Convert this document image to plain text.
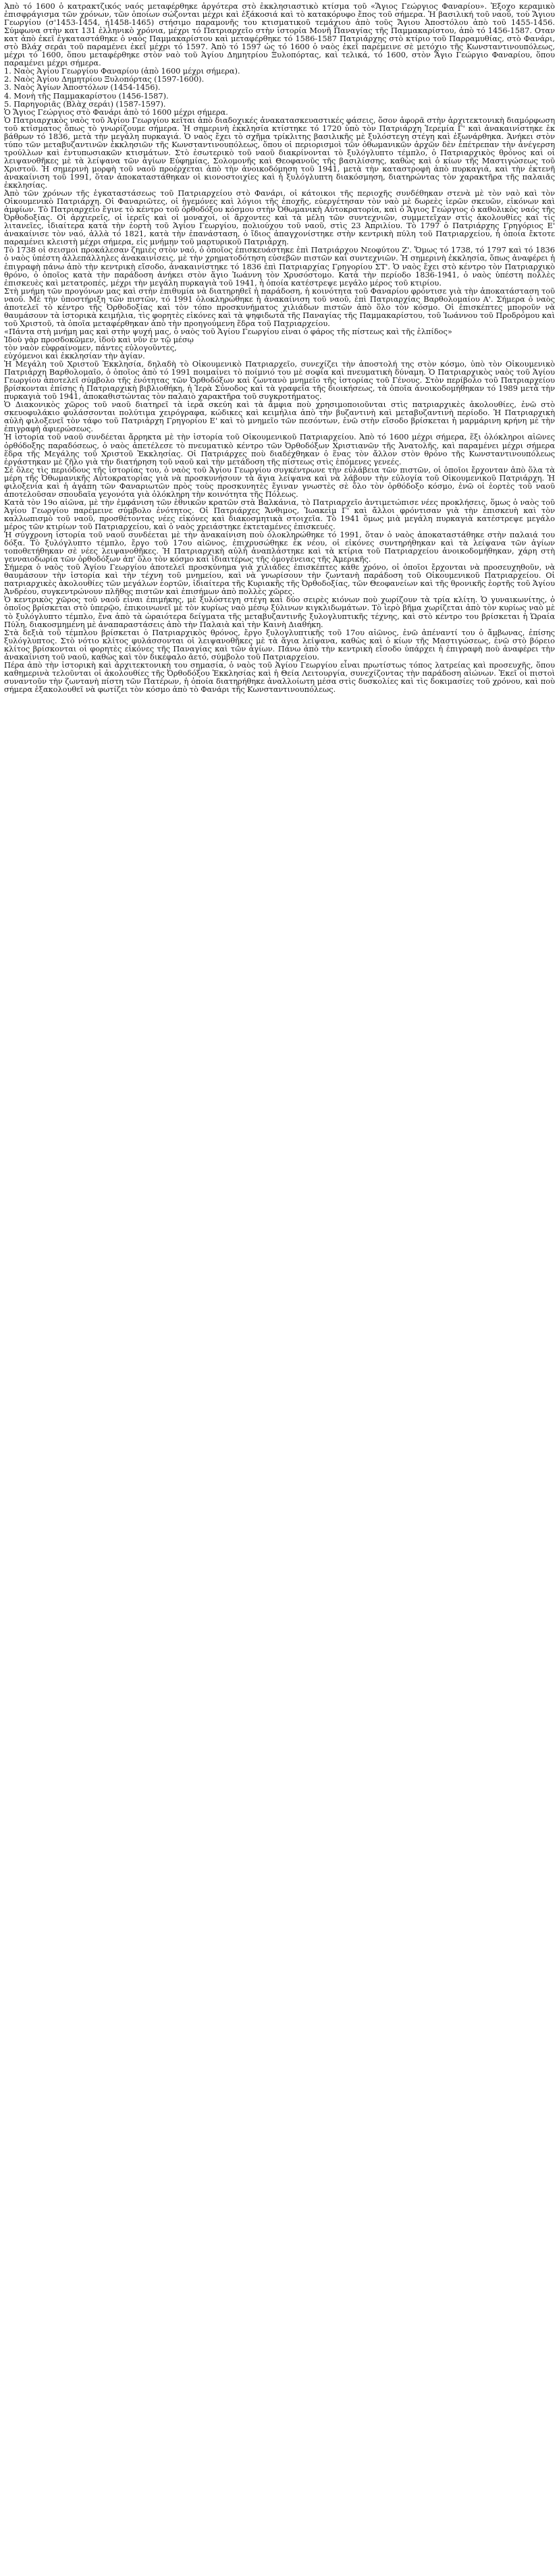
Ἀπὸ τό 1600 ὁ κατρακτζικός ναός μεταφέρθηκε ἀργότερα στὸ ἐκκλησιαστικὸ κτίσμα τοῦ «Ἅγιος Γεώργιος Φαναρίου». Ἐξοχο κεραμικὸ ἐπισφράγισμα τῶν χρόνων, τῶν ὁποίων σώζονται μέχρι καὶ ἑξάκοσιά καὶ τὸ κατακόρυφο ἔπος τοῦ σήμερα. Ἡ βασιλική τοῦ ναοῦ, τοὺ Ἅγιου Γεωργίου (σ'1453-1454, ή1458-1465) στήσιμο παραμονῆς του κτισματικοῦ τεμάχιου ἀπὸ τοῦς Ἄγιου Ἀποστόλου ἀπὸ τοῦ 1455-1456. Σύμφωνα στὴν κατ 131 ἐλληνικὸ χρόνια, μέχρι τό Πατριαρχεῖο στὴν ἱστορία Μονῆ Παναγίας τῆς Παμμακαρίστου, ἀπὸ τό 1456-1587. Οταν κατ ἀπὸ ἐκεῖ ἐγκαταστάθηκε ὁ ναὸς Παμμακαρίστου καὶ μεταφέρθηκε τό 1586-1587 Πατριάρχης στὸ κτίριο τοῦ Παρραμυθίας, στὸ Φανάρι, στὸ Βλάχ σεράι τοῦ παραμένει ἐκεῖ μέχρι τό 1597. Ἀπὸ τό 1597 ὡς τό 1600 ὁ ναὸς ἐκεῖ παρέμεινε σὲ μετόχιο τῆς Κωνσταντινουπόλεως, μέχρι τό 1600, ὅπου μεταφέρθηκε στὸν ναὸ τοῦ Ἁγίου Δημητρίου Ξυλοπόρτας, καὶ τελικά, τό 1600, στὸν Ἅγιο Γεώργιο Φαναρίου, ὅπου παραμένει μέχρι σήμερα.

1. Ναὸς Ἁγίου Γεωργίου Φαναρίου (ἀπὸ 1600 μέχρι σήμερα).

2. Ναὸς Ἁγίου Δημητρίου Ξυλοπόρτας (1597-1600).

3. Ναὸς Ἁγίων Ἀποστόλων (1454-1456).

4. Μονὴ τῆς Παμμακαρίστου (1456-1587).

5. Παρηγοριᾶς (Βλὰχ σεράι) (1587-1597).

Ὁ Ἅγιος Γεώργιος στὸ Φανάρι ἀπὸ τό 1600 μέχρι σήμερα.

Ὁ Πατριαρχικὸς ναὸς τοῦ Ἁγίου Γεωργίου κεῖται ἀπὸ διαδοχικές ἀνακατασκευαστικές φάσεις, ὅσον ἀφορᾶ στὴν ἀρχιτεκτονικὴ διαμόρφωση τοῦ κτίσματος ὅπως τὸ γνωρίζουμε σήμερα. Ἡ σημερινὴ ἐκκλησία κτίστηκε τό 1720 ὑπὸ τὸν Πατριάρχη Ἱερεμία Γ' καὶ ἀνακαινίστηκε ἐκ βάθρων τό 1836, μετὰ τὴν μεγάλη πυρκαγιά. Ὁ ναὸς ἔχει τὸ σχῆμα τρίκλιτης βασιλικῆς μὲ ξυλόστεγη στέγη καὶ ἐξωνάρθηκα. Ἀνήκει στὸν τύπο τῶν μεταβυζαντινῶν ἐκκλησιῶν τῆς Κωνσταντινουπόλεως, ὅπου οἱ περιορισμοὶ τῶν ὀθωμανικῶν ἀρχῶν δὲν ἐπέτρεπαν τὴν ἀνέγερση τρούλλων καὶ ἐντυπωσιακῶν κτισμάτων. Στὸ ἐσωτερικὸ τοῦ ναοῦ διακρίνονται τὸ ξυλόγλυπτο τέμπλο, ὁ Πατριαρχικὸς θρόνος καὶ οἱ λειψανοθῆκες μὲ τὰ λείψανα τῶν ἁγίων Εὐφημίας, Σολομονῆς καὶ Θεοφανοῦς τῆς βασιλίσσης, καθὼς καὶ ὁ κίων τῆς Μαστιγώσεως τοῦ Χριστοῦ. Ἡ σημερινὴ μορφὴ τοῦ ναοῦ προέρχεται ἀπὸ τὴν ἀνοικοδόμηση τοῦ 1941, μετὰ τὴν καταστροφὴ ἀπὸ πυρκαγιά, καὶ τὴν ἐκτενῆ ἀνακαίνιση τοῦ 1991, ὅταν ἀποκαταστάθηκαν οἱ κιονοστοιχίες καὶ ἡ ξυλόγλυπτη διακόσμηση, διατηρώντας τὸν χαρακτῆρα τῆς παλαιᾶς ἐκκλησίας.

Ἀπὸ τῶν χρόνων τῆς ἐγκαταστάσεως τοῦ Πατριαρχείου στὸ Φανάρι, οἱ κάτοικοι τῆς περιοχῆς συνδέθηκαν στενὰ μὲ τὸν ναὸ καὶ τὸν Οἰκουμενικὸ Πατριάρχη. Οἱ Φαναριῶτες, οἱ ἡγεμόνες καὶ λόγιοι τῆς ἐποχῆς, εὐεργέτησαν τὸν ναὸ μὲ δωρεὲς ἱερῶν σκευῶν, εἰκόνων καὶ ἀμφίων. Τὸ Πατριαρχεῖο ἔγινε τὸ κέντρο τοῦ ὀρθοδόξου κόσμου στὴν Ὀθωμανικὴ Αὐτοκρατορία, καὶ ὁ Ἅγιος Γεώργιος ὁ καθολικὸς ναός τῆς Ὀρθοδοξίας. Οἱ ἀρχιερεῖς, οἱ ἱερεῖς καὶ οἱ μοναχοί, οἱ ἄρχοντες καὶ τὰ μέλη τῶν συντεχνιῶν, συμμετεῖχαν στὶς ἀκολουθίες καὶ τὶς λιτανεῖες, ἰδιαίτερα κατὰ τὴν ἑορτὴ τοῦ Ἁγίου Γεωργίου, πολιούχου τοῦ ναοῦ, στὶς 23 Ἀπριλίου. Τὸ 1797 ὁ Πατριάρχης Γρηγόριος Ε' ἀνακαίνισε τὸν ναό, ἀλλὰ τό 1821, κατὰ τὴν ἐπανάσταση, ὁ ἴδιος ἀπαγχονίστηκε στὴν κεντρικὴ πύλη τοῦ Πατριαρχείου, ἡ ὁποία ἔκτοτε παραμένει κλειστὴ μέχρι σήμερα, εἰς μνήμην τοῦ μαρτυρικοῦ Πατριάρχη.

Τὸ 1738 οἱ σεισμοὶ προκάλεσαν ζημιὲς στὸν ναό, ὁ ὁποῖος ἐπισκευάστηκε ἐπὶ Πατριάρχου Νεοφύτου Ζ'. Ὅμως τό 1738, τό 1797 καὶ τό 1836 ὁ ναὸς ὑπέστη ἀλλεπάλληλες ἀνακαινίσεις, μὲ τὴν χρηματοδότηση εὐσεβῶν πιστῶν καὶ συντεχνιῶν. Ἡ σημερινὴ ἐκκλησία, ὅπως ἀναφέρει ἡ ἐπιγραφὴ πάνω ἀπὸ τὴν κεντρικὴ εἴσοδο, ἀνακαινίστηκε τό 1836 ἐπὶ Πατριαρχίας Γρηγορίου ΣΤ'. Ὁ ναὸς ἔχει στὸ κέντρο τὸν Πατριαρχικὸ θρόνο, ὁ ὁποῖος κατὰ τὴν παράδοση ἀνήκει στὸν ἅγιο Ἰωάννη τὸν Χρυσόστομο. Κατὰ τὴν περίοδο 1836-1941, ὁ ναὸς ὑπέστη πολλὲς ἐπισκευὲς καὶ μετατροπές, μέχρι τὴν μεγάλη πυρκαγιὰ τοῦ 1941, ἡ ὁποία κατέστρεψε μεγάλο μέρος τοῦ κτιρίου.

Στὴ μνήμη τῶν προγόνων μας καὶ στὴν ἐπιθυμία νὰ διατηρηθεῖ ἡ παράδοση, ἡ κοινότητα τοῦ Φαναρίου φρόντισε γιὰ τὴν ἀποκατάσταση τοῦ ναοῦ. Μὲ τὴν ὑποστήριξη τῶν πιστῶν, τό 1991 ὁλοκληρώθηκε ἡ ἀνακαίνιση τοῦ ναοῦ, ἐπὶ Πατριαρχίας Βαρθολομαίου Α'. Σήμερα ὁ ναὸς ἀποτελεῖ τὸ κέντρο τῆς Ὀρθοδοξίας καὶ τὸν τόπο προσκυνήματος χιλιάδων πιστῶν ἀπὸ ὅλο τὸν κόσμο. Οἱ ἐπισκέπτες μποροῦν νὰ θαυμάσουν τὰ ἱστορικὰ κειμήλια, τὶς φορητὲς εἰκόνες καὶ τὰ ψηφιδωτὰ τῆς Παναγίας τῆς Παμμακαρίστου, τοῦ Ἰωάννου τοῦ Προδρόμου καὶ τοῦ Χριστοῦ, τὰ ὁποῖα μεταφέρθηκαν ἀπὸ τὴν προηγούμενη ἕδρα τοῦ Πατριαρχείου.

«Πάντα στὴ μνήμη μας καὶ στὴν ψυχή μας, ὁ ναὸς τοῦ Ἁγίου Γεωργίου εἶναι ὁ φάρος τῆς πίστεως καὶ τῆς ἐλπίδος»

Ἰδοὺ γὰρ προσδοκῶμεν, ἰδοὺ καὶ νῦν ἐν τῷ μέσῳ

τὸν ναὸν εὐφραίνομεν, πάντες εὐλογοῦντες,

εὐχόμενοι καὶ ἐκκλησίαν τὴν ἁγίαν.

Ἡ Μεγάλη τοῦ Χριστοῦ Ἐκκλησία, δηλαδὴ τὸ Οἰκουμενικὸ Πατριαρχεῖο, συνεχίζει τὴν ἀποστολή της στὸν κόσμο, ὑπὸ τὸν Οἰκουμενικὸ Πατριάρχη Βαρθολομαῖο, ὁ ὁποῖος ἀπὸ τό 1991 ποιμαίνει τὸ ποίμνιό του μὲ σοφία καὶ πνευματικὴ δύναμη. Ὁ Πατριαρχικὸς ναὸς τοῦ Ἁγίου Γεωργίου ἀποτελεῖ σύμβολο τῆς ἑνότητας τῶν Ὀρθοδόξων καὶ ζωντανὸ μνημεῖο τῆς ἱστορίας τοῦ Γένους. Στὸν περίβολο τοῦ Πατριαρχείου βρίσκονται ἐπίσης ἡ Πατριαρχικὴ βιβλιοθήκη, ἡ Ἱερὰ Σύνοδος καὶ τὰ γραφεῖα τῆς διοικήσεως, τὰ ὁποῖα ἀνοικοδομήθηκαν τό 1989 μετὰ τὴν πυρκαγιὰ τοῦ 1941, ἀποκαθιστώντας τὸν παλαιὸ χαρακτῆρα τοῦ συγκροτήματος.

Ὁ Διακονικὸς χῶρος τοῦ ναοῦ διατηρεῖ τὰ ἱερὰ σκεύη καὶ τὰ ἄμφια ποὺ χρησιμοποιοῦνται στὶς πατριαρχικὲς ἀκολουθίες, ἐνῶ στὸ σκευοφυλάκιο φυλάσσονται πολύτιμα χειρόγραφα, κώδικες καὶ κειμήλια ἀπὸ τὴν βυζαντινὴ καὶ μεταβυζαντινὴ περίοδο. Ἡ Πατριαρχικὴ αὐλὴ φιλοξενεῖ τὸν τάφο τοῦ Πατριάρχη Γρηγορίου Ε' καὶ τὸ μνημεῖο τῶν πεσόντων, ἐνῶ στὴν εἴσοδο βρίσκεται ἡ μαρμάρινη κρήνη μὲ τὴν ἐπιγραφὴ ἀφιερώσεως.

Ἡ ἱστορία τοῦ ναοῦ συνδέεται ἄρρηκτα μὲ τὴν ἱστορία τοῦ Οἰκουμενικοῦ Πατριαρχείου. Ἀπὸ τό 1600 μέχρι σήμερα, ἕξι ὁλόκληροι αἰῶνες ὀρθόδοξης παραδόσεως, ὁ ναὸς ἀπετέλεσε τὸ πνευματικὸ κέντρο τῶν Ὀρθοδόξων Χριστιανῶν τῆς Ἀνατολῆς, καὶ παραμένει μέχρι σήμερα ἕδρα τῆς Μεγάλης τοῦ Χριστοῦ Ἐκκλησίας. Οἱ Πατριάρχες ποὺ διαδέχθηκαν ὁ ἕνας τὸν ἄλλον στὸν θρόνο τῆς Κωνσταντινουπόλεως ἐργάστηκαν μὲ ζῆλο γιὰ τὴν διατήρηση τοῦ ναοῦ καὶ τὴν μετάδοση τῆς πίστεως στὶς ἑπόμενες γενεές.

Σὲ ὅλες τὶς περιόδους τῆς ἱστορίας του, ὁ ναὸς τοῦ Ἁγίου Γεωργίου συγκέντρωνε τὴν εὐλάβεια τῶν πιστῶν, οἱ ὁποῖοι ἔρχονταν ἀπὸ ὅλα τὰ μέρη τῆς Ὀθωμανικῆς Αὐτοκρατορίας γιὰ νὰ προσκυνήσουν τὰ ἅγια λείψανα καὶ νὰ λάβουν τὴν εὐλογία τοῦ Οἰκουμενικοῦ Πατριάρχη. Ἡ φιλοξενία καὶ ἡ ἀγάπη τῶν Φαναριωτῶν πρὸς τοὺς προσκυνητὲς ἔγιναν γνωστὲς σὲ ὅλο τὸν ὀρθόδοξο κόσμο, ἐνῶ οἱ ἑορτὲς τοῦ ναοῦ ἀποτελοῦσαν σπουδαῖα γεγονότα γιὰ ὁλόκληρη τὴν κοινότητα τῆς Πόλεως.

Κατὰ τὸν 19ο αἰῶνα, μὲ τὴν ἐμφάνιση τῶν ἐθνικῶν κρατῶν στὰ Βαλκάνια, τὸ Πατριαρχεῖο ἀντιμετώπισε νέες προκλήσεις, ὅμως ὁ ναὸς τοῦ Ἁγίου Γεωργίου παρέμεινε σύμβολο ἑνότητος. Οἱ Πατριάρχες Ἄνθιμος, Ἰωακεὶμ Γ' καὶ ἄλλοι φρόντισαν γιὰ τὴν ἐπισκευὴ καὶ τὸν καλλωπισμὸ τοῦ ναοῦ, προσθέτοντας νέες εἰκόνες καὶ διακοσμητικὰ στοιχεῖα. Τὸ 1941 ὅμως μιὰ μεγάλη πυρκαγιὰ κατέστρεψε μεγάλο μέρος τῶν κτιρίων τοῦ Πατριαρχείου, καὶ ὁ ναὸς χρειάστηκε ἐκτεταμένες ἐπισκευές.

Ἡ σύγχρονη ἱστορία τοῦ ναοῦ συνδέεται μὲ τὴν ἀνακαίνιση ποὺ ὁλοκληρώθηκε τό 1991, ὅταν ὁ ναὸς ἀποκαταστάθηκε στὴν παλαιά του δόξα. Τὸ ξυλόγλυπτο τέμπλο, ἔργο τοῦ 17ου αἰῶνος, ἐπιχρυσώθηκε ἐκ νέου, οἱ εἰκόνες συντηρήθηκαν καὶ τὰ λείψανα τῶν ἁγίων τοποθετήθηκαν σὲ νέες λειψανοθῆκες. Ἡ Πατριαρχικὴ αὐλὴ ἀναπλάστηκε καὶ τὰ κτίρια τοῦ Πατριαρχείου ἀνοικοδομήθηκαν, χάρη στὴ γενναιοδωρία τῶν ὀρθοδόξων ἀπ' ὅλο τὸν κόσμο καὶ ἰδιαιτέρως τῆς ὁμογένειας τῆς Ἀμερικῆς.

Σήμερα ὁ ναὸς τοῦ Ἁγίου Γεωργίου ἀποτελεῖ προσκύνημα γιὰ χιλιάδες ἐπισκέπτες κάθε χρόνο, οἱ ὁποῖοι ἔρχονται νὰ προσευχηθοῦν, νὰ θαυμάσουν τὴν ἱστορία καὶ τὴν τέχνη τοῦ μνημείου, καὶ νὰ γνωρίσουν τὴν ζωντανὴ παράδοση τοῦ Οἰκουμενικοῦ Πατριαρχείου. Οἱ πατριαρχικὲς ἀκολουθίες τῶν μεγάλων ἑορτῶν, ἰδιαίτερα τῆς Κυριακῆς τῆς Ὀρθοδοξίας, τῶν Θεοφανείων καὶ τῆς θρονικῆς ἑορτῆς τοῦ Ἁγίου Ἀνδρέου, συγκεντρώνουν πλῆθος πιστῶν καὶ ἐπισήμων ἀπὸ πολλὲς χῶρες.

Ὁ κεντρικὸς χῶρος τοῦ ναοῦ εἶναι ἐπιμήκης, μὲ ξυλόστεγη στέγη καὶ δύο σειρὲς κιόνων ποὺ χωρίζουν τὰ τρία κλίτη. Ὁ γυναικωνίτης, ὁ ὁποῖος βρίσκεται στὸ ὑπερῷο, ἐπικοινωνεῖ μὲ τὸν κυρίως ναὸ μέσῳ ξύλινων κιγκλιδωμάτων. Τὸ ἱερὸ βῆμα χωρίζεται ἀπὸ τὸν κυρίως ναὸ μὲ τὸ ξυλόγλυπτο τέμπλο, ἕνα ἀπὸ τὰ ὡραιότερα δείγματα τῆς μεταβυζαντινῆς ξυλογλυπτικῆς τέχνης, καὶ στὸ κέντρο του βρίσκεται ἡ Ὡραία Πύλη, διακοσμημένη μὲ ἀναπαραστάσεις ἀπὸ τὴν Παλαιὰ καὶ τὴν Καινὴ Διαθήκη.

Στὰ δεξιὰ τοῦ τέμπλου βρίσκεται ὁ Πατριαρχικὸς θρόνος, ἔργο ξυλογλυπτικῆς τοῦ 17ου αἰῶνος, ἐνῶ ἀπέναντί του ὁ ἄμβωνας, ἐπίσης ξυλόγλυπτος. Στὸ νότιο κλίτος φυλάσσονται οἱ λειψανοθῆκες μὲ τὰ ἅγια λείψανα, καθὼς καὶ ὁ κίων τῆς Μαστιγώσεως, ἐνῶ στὸ βόρειο κλίτος βρίσκονται οἱ φορητὲς εἰκόνες τῆς Παναγίας καὶ τῶν ἁγίων. Πάνω ἀπὸ τὴν κεντρικὴ εἴσοδο ὑπάρχει ἡ ἐπιγραφὴ ποὺ ἀναφέρει τὴν ἀνακαίνιση τοῦ ναοῦ, καθὼς καὶ τὸν δικέφαλο ἀετό, σύμβολο τοῦ Πατριαρχείου.

Πέρα ἀπὸ τὴν ἱστορικὴ καὶ ἀρχιτεκτονικὴ του σημασία, ὁ ναὸς τοῦ Ἁγίου Γεωργίου εἶναι πρωτίστως τόπος λατρείας καὶ προσευχῆς, ὅπου καθημερινὰ τελοῦνται οἱ ἀκολουθίες τῆς Ὀρθοδόξου Ἐκκλησίας καὶ ἡ Θεία Λειτουργία, συνεχίζοντας τὴν παράδοση αἰώνων. Ἐκεῖ οἱ πιστοὶ συναντοῦν τὴν ζωντανὴ πίστη τῶν Πατέρων, ἡ ὁποία διατηρήθηκε ἀναλλοίωτη μέσα στὶς δυσκολίες καὶ τὶς δοκιμασίες τοῦ χρόνου, καὶ ποὺ σήμερα ἐξακολουθεῖ νὰ φωτίζει τὸν κόσμο ἀπὸ τὸ Φανάρι τῆς Κωνσταντινουπόλεως.
